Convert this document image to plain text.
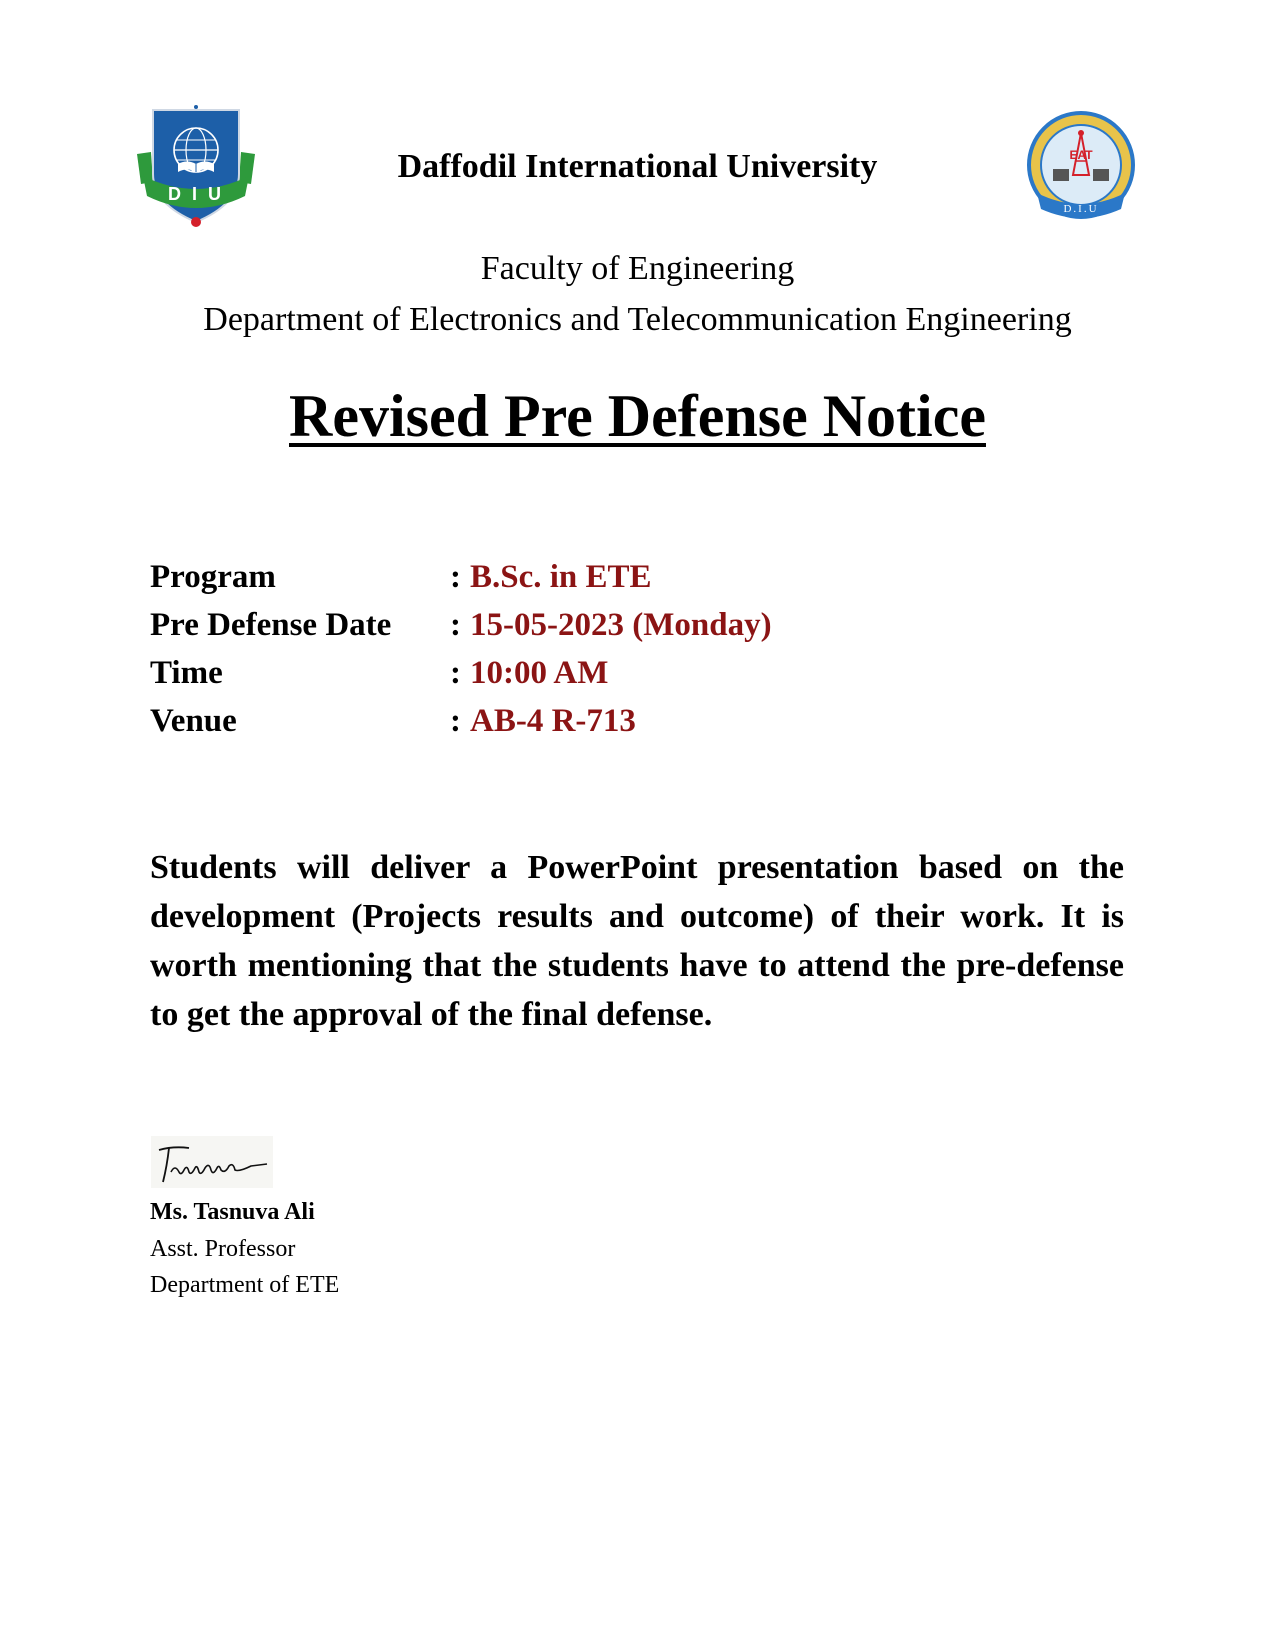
D I U
EAT
D.I.U
Daffodil International University
Faculty of Engineering
Department of Electronics and Telecommunication Engineering
Revised Pre Defense Notice
Program	: B.Sc. in ETE
Pre Defense Date : 15-05-2023 (Monday)
Time	: 10:00 AM
Venue	: AB-4 R-713
Students will deliver a PowerPoint presentation based on the development (Projects results and outcome) of their work. It is worth mentioning that the students have to attend the pre-defense to get the approval of the final defense.
Ms. Tasnuva Ali
Asst. Professor
Department of ETE
